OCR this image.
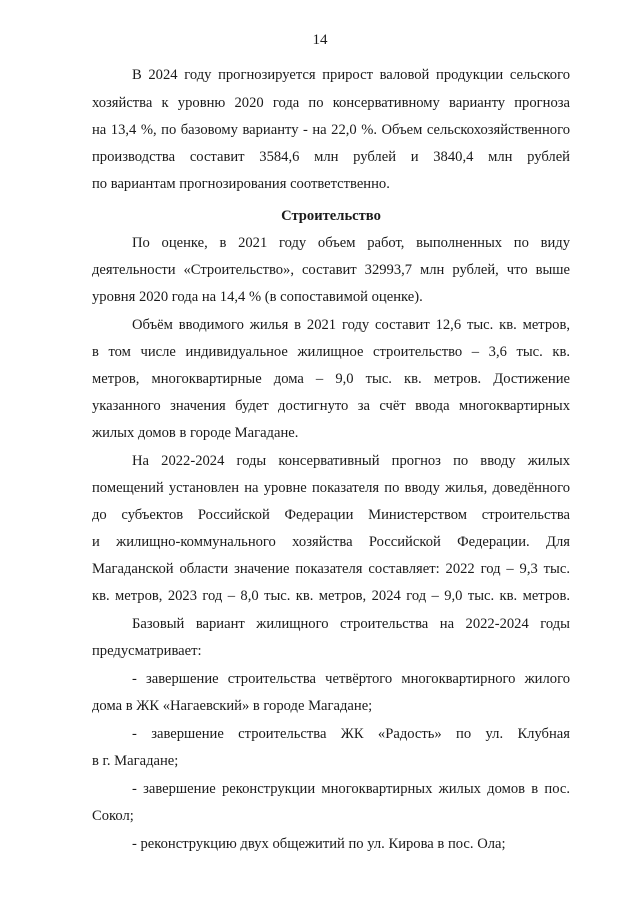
14
Строительство
В 2024 году прогнозируется прирост валовой продукции сельского
хозяйства к уровню 2020 года по консервативному варианту прогноза
на 13,4 %, по базовому варианту - на 22,0 %. Объем сельскохозяйственного
производства составит 3584,6 млн рублей и 3840,4 млн рублей
по вариантам прогнозирования соответственно.
По оценке, в 2021 году объем работ, выполненных по виду
деятельности «Строительство», составит 32993,7 млн рублей, что выше
уровня 2020 года на 14,4 % (в сопоставимой оценке).
Объём вводимого жилья в 2021 году составит 12,6 тыс. кв. метров,
в том числе индивидуальное жилищное строительство – 3,6 тыс. кв.
метров, многоквартирные дома – 9,0 тыс. кв. метров. Достижение
указанного значения будет достигнуто за счёт ввода многоквартирных
жилых домов в городе Магадане.
На 2022-2024 годы консервативный прогноз по вводу жилых
помещений установлен на уровне показателя по вводу жилья, доведённого
до субъектов Российской Федерации Министерством строительства
и жилищно-коммунального хозяйства Российской Федерации. Для
Магаданской области значение показателя составляет: 2022 год – 9,3 тыс.
кв. метров, 2023 год – 8,0 тыс. кв. метров, 2024 год – 9,0 тыс. кв. метров.
Базовый вариант жилищного строительства на 2022-2024 годы
предусматривает:
- завершение строительства четвёртого многоквартирного жилого
дома в ЖК «Нагаевский» в городе Магадане;
- завершение строительства ЖК «Радость» по ул. Клубная
в г. Магадане;
- завершение реконструкции многоквартирных жилых домов в пос.
Сокол;
- реконструкцию двух общежитий по ул. Кирова в пос. Ола;
